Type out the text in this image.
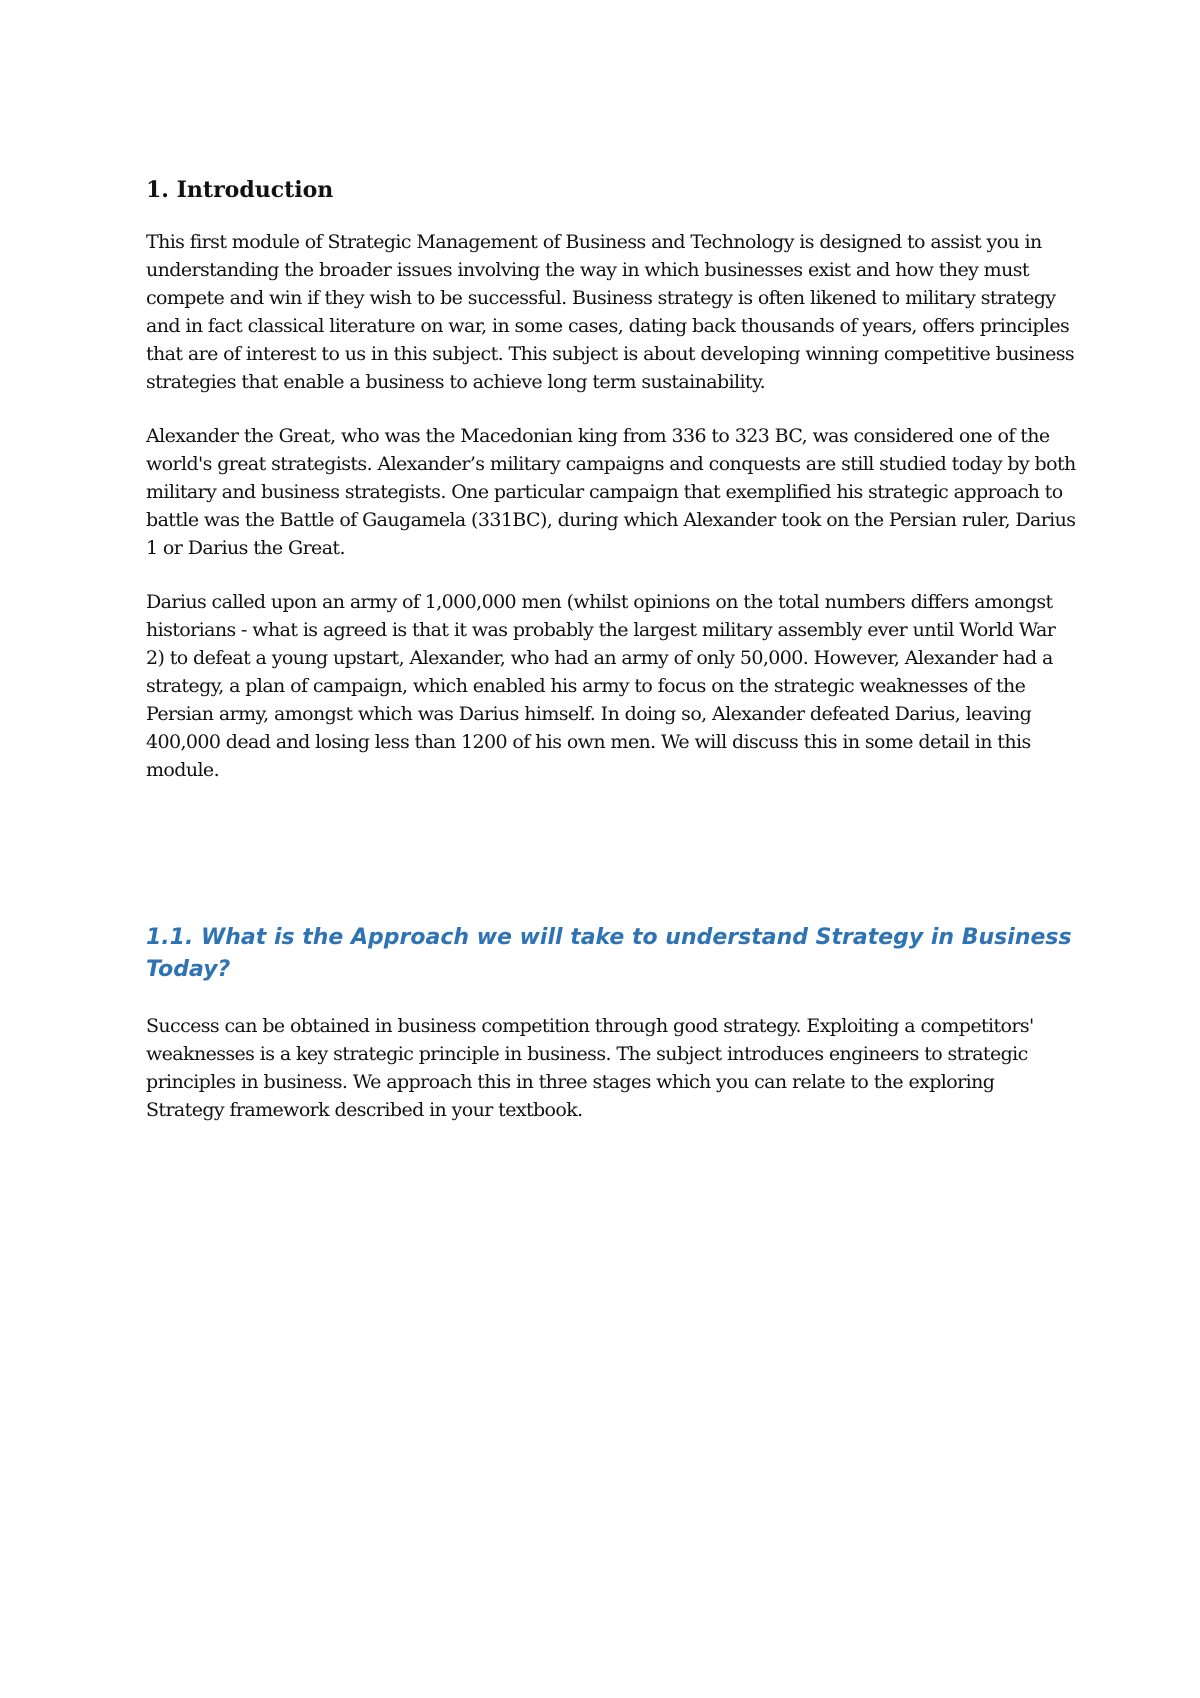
1. Introduction

This first module of Strategic Management of Business and Technology is designed to assist you in understanding the broader issues involving the way in which businesses exist and how they must compete and win if they wish to be successful. Business strategy is often likened to military strategy and in fact classical literature on war, in some cases, dating back thousands of years, offers principles that are of interest to us in this subject. This subject is about developing winning competitive business strategies that enable a business to achieve long term sustainability.

Alexander the Great, who was the Macedonian king from 336 to 323 BC, was considered one of the world's great strategists. Alexander’s military campaigns and conquests are still studied today by both military and business strategists. One particular campaign that exemplified his strategic approach to battle was the Battle of Gaugamela (331BC), during which Alexander took on the Persian ruler, Darius 1 or Darius the Great.

Darius called upon an army of 1,000,000 men (whilst opinions on the total numbers differs amongst historians - what is agreed is that it was probably the largest military assembly ever until World War 2) to defeat a young upstart, Alexander, who had an army of only 50,000. However, Alexander had a strategy, a plan of campaign, which enabled his army to focus on the strategic weaknesses of the Persian army, amongst which was Darius himself. In doing so, Alexander defeated Darius, leaving 400,000 dead and losing less than 1200 of his own men. We will discuss this in some detail in this module.

1.1. What is the Approach we will take to understand Strategy in Business Today?

Success can be obtained in business competition through good strategy. Exploiting a competitors' weaknesses is a key strategic principle in business. The subject introduces engineers to strategic principles in business. We approach this in three stages which you can relate to the exploring Strategy framework described in your textbook.
